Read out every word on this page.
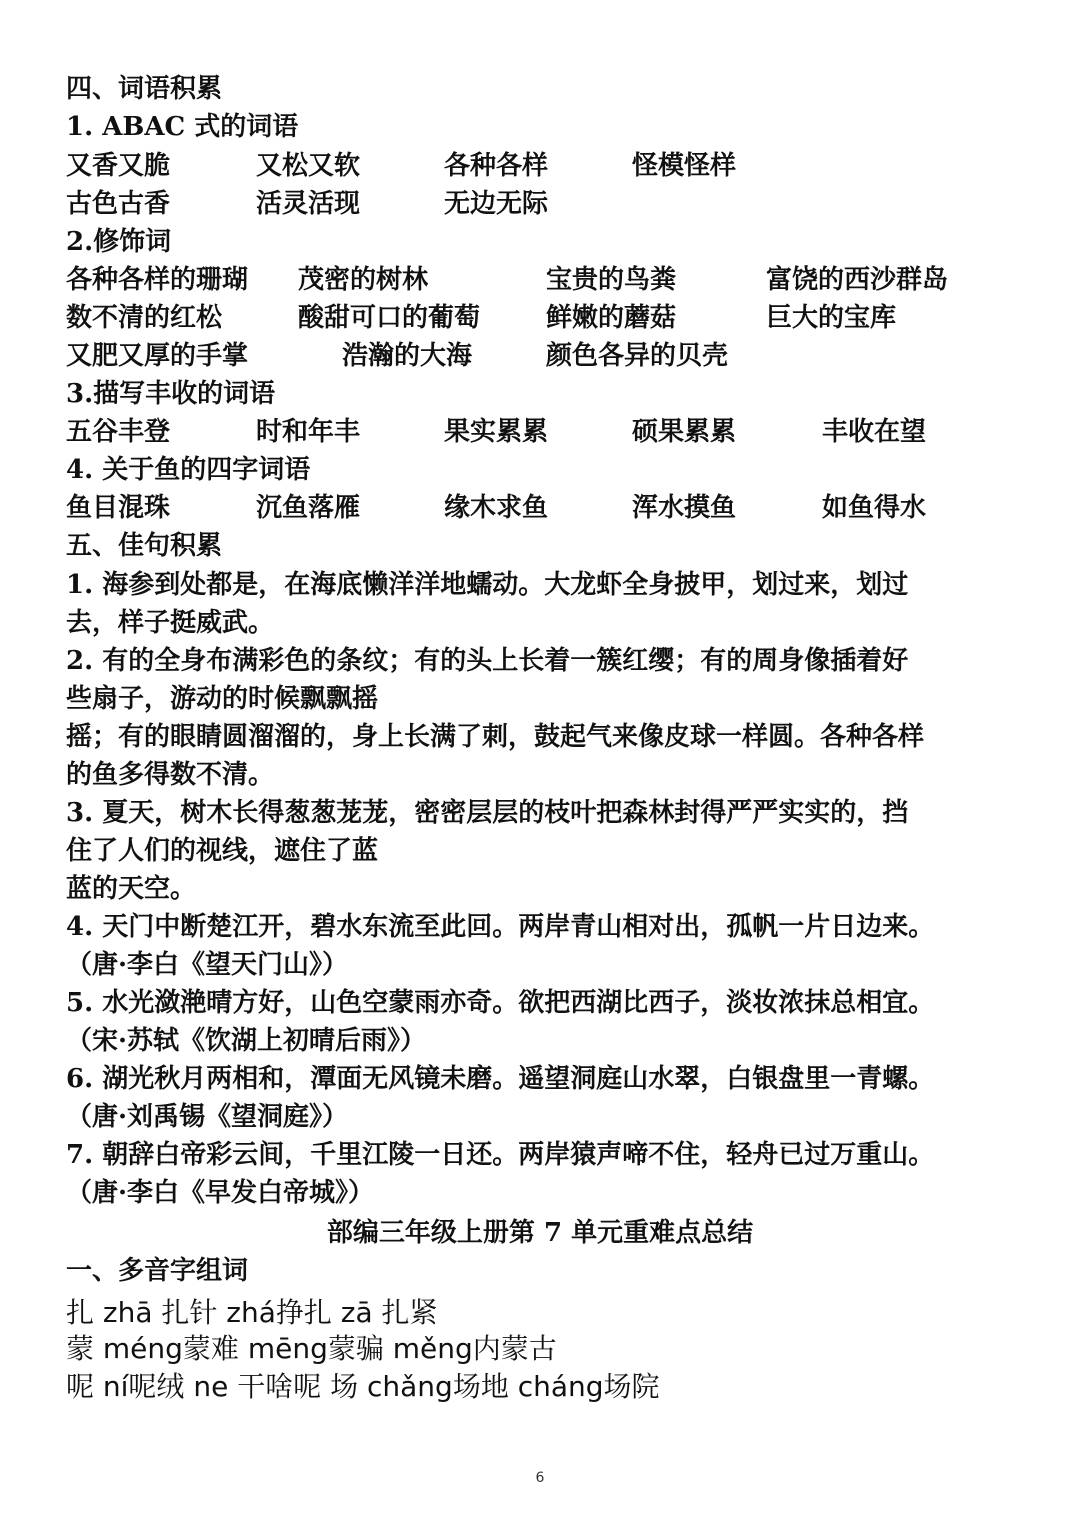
四、词语积累
1. ABAC 式的词语
又香又脆	又松又软	各种各样	怪模怪样
古色古香	活灵活现	无边无际
2.修饰词
各种各样的珊瑚	茂密的树林	宝贵的鸟粪	富饶的西沙群岛
数不清的红松	酸甜可口的葡萄	鲜嫩的蘑菇	巨大的宝库
又肥又厚的手掌	浩瀚的大海	颜色各异的贝壳
3.描写丰收的词语
五谷丰登	时和年丰	果实累累	硕果累累	丰收在望
4. 关于鱼的四字词语
鱼目混珠	沉鱼落雁	缘木求鱼	浑水摸鱼	如鱼得水
五、佳句积累
1. 海参到处都是，在海底懒洋洋地蠕动。大龙虾全身披甲，划过来，划过
去，样子挺威武。
2. 有的全身布满彩色的条纹；有的头上长着一簇红缨；有的周身像插着好
些扇子，游动的时候飘飘摇
摇；有的眼睛圆溜溜的，身上长满了刺，鼓起气来像皮球一样圆。各种各样
的鱼多得数不清。
3. 夏天，树木长得葱葱茏茏，密密层层的枝叶把森林封得严严实实的，挡
住了人们的视线，遮住了蓝
蓝的天空。
4. 天门中断楚江开，碧水东流至此回。两岸青山相对出，孤帆一片日边来。
（唐·李白《望天门山》）
5. 水光潋滟晴方好，山色空蒙雨亦奇。欲把西湖比西子，淡妆浓抹总相宜。
（宋·苏轼《饮湖上初晴后雨》）
6. 湖光秋月两相和，潭面无风镜未磨。遥望洞庭山水翠，白银盘里一青螺。
（唐·刘禹锡《望洞庭》）
7. 朝辞白帝彩云间，千里江陵一日还。两岸猿声啼不住，轻舟已过万重山。
（唐·李白《早发白帝城》）
部编三年级上册第 7 单元重难点总结
一、多音字组词
扎 zhā 扎针 zhá挣扎 zā 扎紧
蒙 méng蒙难 mēng蒙骗 měng内蒙古
呢 ní呢绒 ne 干啥呢 场 chǎng场地 cháng场院
6
